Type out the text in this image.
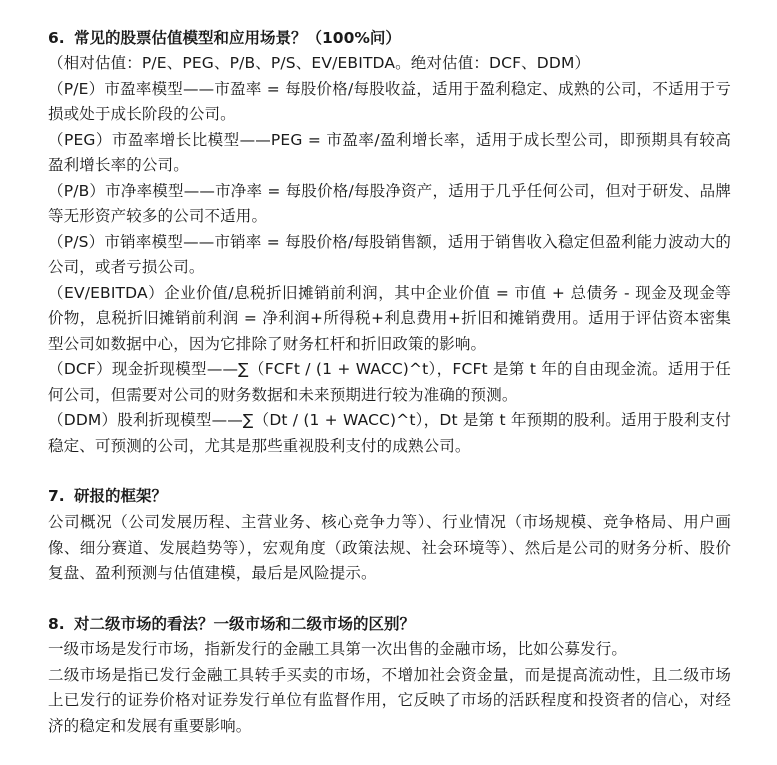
6. 常见的股票估值模型和应用场景？（100%问）

（相对估值：P/E、PEG、P/B、P/S、EV/EBITDA。绝对估值：DCF、DDM）

（P/E）市盈率模型——市盈率 = 每股价格/每股收益，适用于盈利稳定、成熟的公司，不适用于亏损或处于成长阶段的公司。

（PEG）市盈率增长比模型——PEG = 市盈率/盈利增长率，适用于成长型公司，即预期具有较高盈利增长率的公司。

（P/B）市净率模型——市净率 = 每股价格/每股净资产，适用于几乎任何公司，但对于研发、品牌等无形资产较多的公司不适用。

（P/S）市销率模型——市销率 = 每股价格/每股销售额，适用于销售收入稳定但盈利能力波动大的公司，或者亏损公司。

（EV/EBITDA）企业价值/息税折旧摊销前利润，其中企业价值 = 市值 + 总债务 - 现金及现金等价物，息税折旧摊销前利润 = 净利润+所得税+利息费用+折旧和摊销费用。适用于评估资本密集型公司如数据中心，因为它排除了财务杠杆和折旧政策的影响。

（DCF）现金折现模型——∑（FCFt / (1 + WACC)^t），FCFt 是第 t 年的自由现金流。适用于任何公司，但需要对公司的财务数据和未来预期进行较为准确的预测。

（DDM）股利折现模型——∑（Dt / (1 + WACC)^t），Dt 是第 t 年预期的股利。适用于股利支付稳定、可预测的公司，尤其是那些重视股利支付的成熟公司。

7. 研报的框架？

公司概况（公司发展历程、主营业务、核心竞争力等）、行业情况（市场规模、竞争格局、用户画像、细分赛道、发展趋势等），宏观角度（政策法规、社会环境等）、然后是公司的财务分析、股价复盘、盈利预测与估值建模，最后是风险提示。

8. 对二级市场的看法？一级市场和二级市场的区别？

一级市场是发行市场，指新发行的金融工具第一次出售的金融市场，比如公募发行。

二级市场是指已发行金融工具转手买卖的市场，不增加社会资金量，而是提高流动性，且二级市场上已发行的证券价格对证券发行单位有监督作用，它反映了市场的活跃程度和投资者的信心，对经济的稳定和发展有重要影响。
